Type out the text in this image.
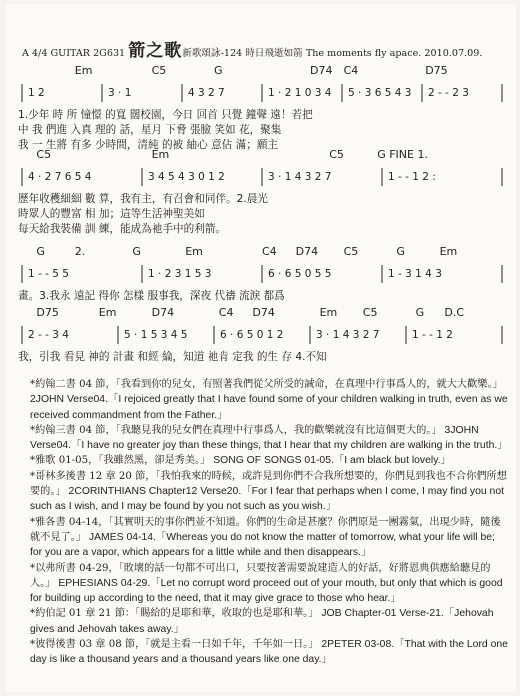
A 4/4 GUITAR 2G631 箭之歌新歌頌詠-124 時日飛逝如箭 The moments fly apace. 2010.07.09.
Em	C5	G	D74 C4	D75
1 2	3 · 1	4 3 2 7	1 · 2 1 0 3 4 5 · 3 6 5 4 3 2 - - 2 3
1.少年 時 所 憧憬 的寬 闊校園，今日 回首 只覺 鐘聲 遠！若把
中 我 們進 入真 理的 話，星月 下脅 張臉 笑如 花，聚集
我 一 生將 有多 少時間，清純 的被 紬心 意佔 滿；願主
C5	Em	C5	G FINE 1.
4 · 2 7 6 5 4	3 4 5 4 3 0 1 2	3 · 1 4 3 2 7	1 - - 1 2 :
歷年收穫細細 數 算，我有主，有召會和同伴。2.晨光
時眾人的豐富 相 加；這等生活神聖美如
每天給我裝備 訓 練，能成為祂手中的利箭。
G	2.	G	Em	C4 D74 C5	G	Em
1 - - 5 5	1 · 2 3 1 5 3	6 · 6 5 0 5 5	1 - 3 1 4 3
畫。3.我永 遠記 得你 怎樣 服事我，深夜 代禱 流淚 都爲
D75	Em	D74	C4 D74	Em C5	G D.C
2 - - 3 4	5 · 1 5 3 4 5	6 · 6 5 0 1 2	3 · 1 4 3 2 7	1 - - 1 2
我，引我 看見 神的 計畫 和經 綸，知道 祂肯 定我 的生 存 4.不知

*約翰二書 04 節，「我看到你的兒女，有照著我們從父所受的誡命，在真理中行事爲人的，就大大歡樂。」 2JOHN Verse04.「I rejoiced greatly that I have found some of your children walking in truth, even as we received commandment from the Father.」

*約翰三書 04 節，「我聽見我的兒女們在真理中行事爲人，我的歡樂就沒有比這個更大的。」 3JOHN Verse04.「I have no greater joy than these things, that I hear that my children are walking in the truth.」

*雅歌 01-05，「我雖然黑，卻是秀美。」 SONG OF SONGS 01-05.「I am black but lovely.」

*哥林多後書 12 章 20 節，「我怕我來的時候，或許見到你們不合我所想要的，你們見到我也不合你們所想要的。」 2CORINTHIANS Chapter12 Verse20.「For I fear that perhaps when I come, I may find you not such as I wish, and I may be found by you not such as you wish.」

*雅各書 04-14，「其實明天的事你們並不知道。你們的生命是甚麼？你們原是一團霧氣，出現少時，隨後就不見了。」 JAMES 04-14.「Whereas you do not know the matter of tomorrow, what your life will be; for you are a vapor, which appears for a little while and then disappears.」

*以弗所書 04-29，「敗壞的話一句都不可出口，只要按著需要說建造人的好話，好將恩典供應給聽見的人。」 EPHESIANS 04-29.「Let no corrupt word proceed out of your mouth, but only that which is good for building up according to the need, that it may give grace to those who hear.」

*約伯記 01 章 21 節：「賜給的是耶和華，收取的也是耶和華。」 JOB Chapter-01 Verse-21.「Jehovah gives and Jehovah takes away.」

*彼得後書 03 章 08 節，「就是主看一日如千年，千年如一日。」 2PETER 03-08.「That with the Lord one day is like a thousand years and a thousand years like one day.」
